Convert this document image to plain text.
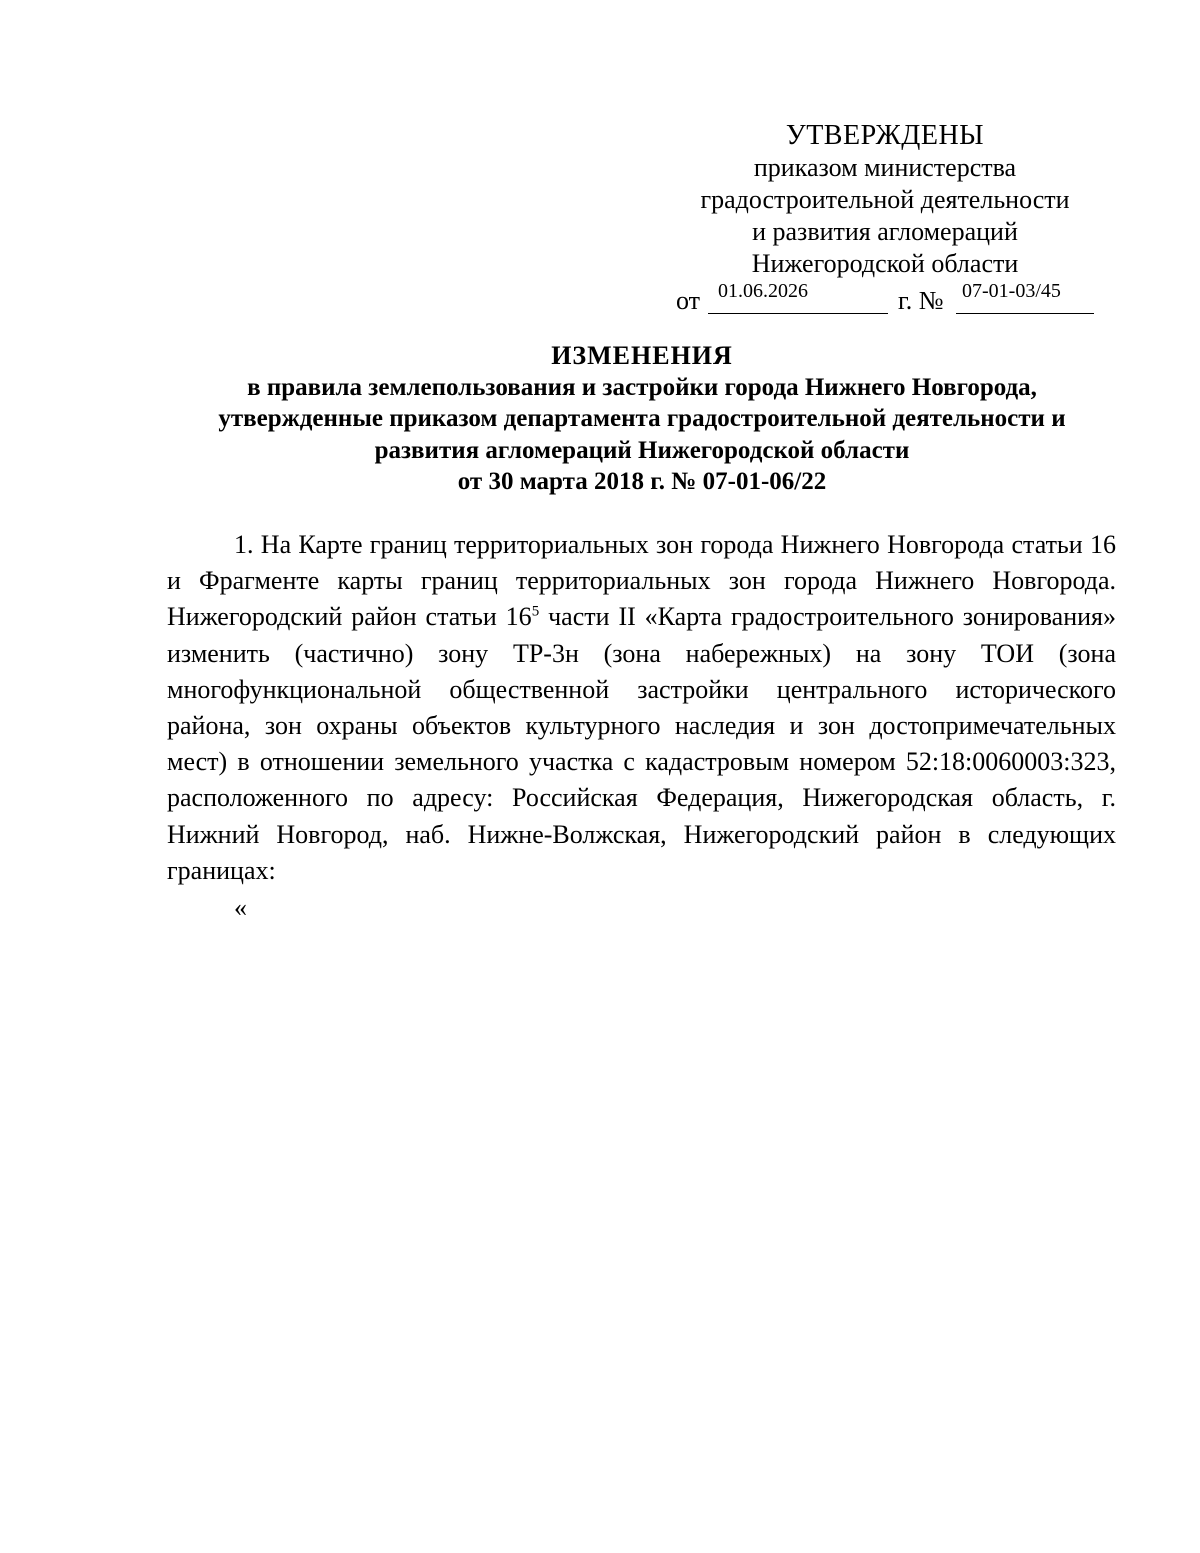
УТВЕРЖДЕНЫ
приказом министерства
градостроительной деятельности
и развития агломераций
Нижегородской области
от 01.06.2026	г. № 07-01-03/45
ИЗМЕНЕНИЯ
в правила землепользования и застройки города Нижнего Новгорода,
утвержденные приказом департамента градостроительной деятельности и
развития агломераций Нижегородской области
от 30 марта 2018 г. № 07-01-06/22

1. На Карте границ территориальных зон города Нижнего Новгорода статьи 16 и Фрагменте карты границ территориальных зон города Нижнего Новгорода. Нижегородский район статьи $16^5$ части II «Карта градостроительного зонирования» изменить (частично) зону ТР-3н (зона набережных) на зону ТОИ (зона многофункциональной общественной застройки центрального исторического района, зон охраны объектов культурного наследия и зон достопримечательных мест) в отношении земельного участка с кадастровым номером 52:18:0060003:323, расположенного по адресу: Российская Федерация, Нижегородская область, г. Нижний Новгород, наб. Нижне-Волжская, Нижегородский район в следующих границах:

«
